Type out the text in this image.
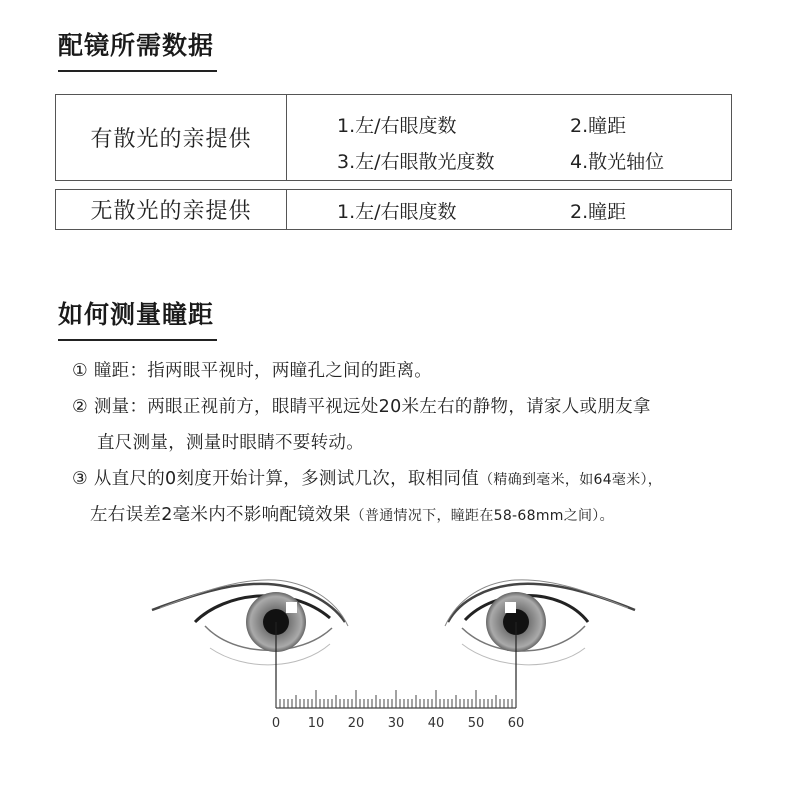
配镜所需数据
有散光的亲提供
1.左/右眼度数	2.瞳距
3.左/右眼散光度数	4.散光轴位
无散光的亲提供	1.左/右眼度数	2.瞳距
如何测量瞳距
① 瞳距：指两眼平视时，两瞳孔之间的距离。
② 测量：两眼正视前方，眼睛平视远处20米左右的静物，请家人或朋友拿
直尺测量，测量时眼睛不要转动。
③ 从直尺的0刻度开始计算，多测试几次，取相同值（精确到毫米，如64毫米），
左右误差2毫米内不影响配镜效果（普通情况下，瞳距在58-68mm之间）。
0 10 20 30 40 50 60
